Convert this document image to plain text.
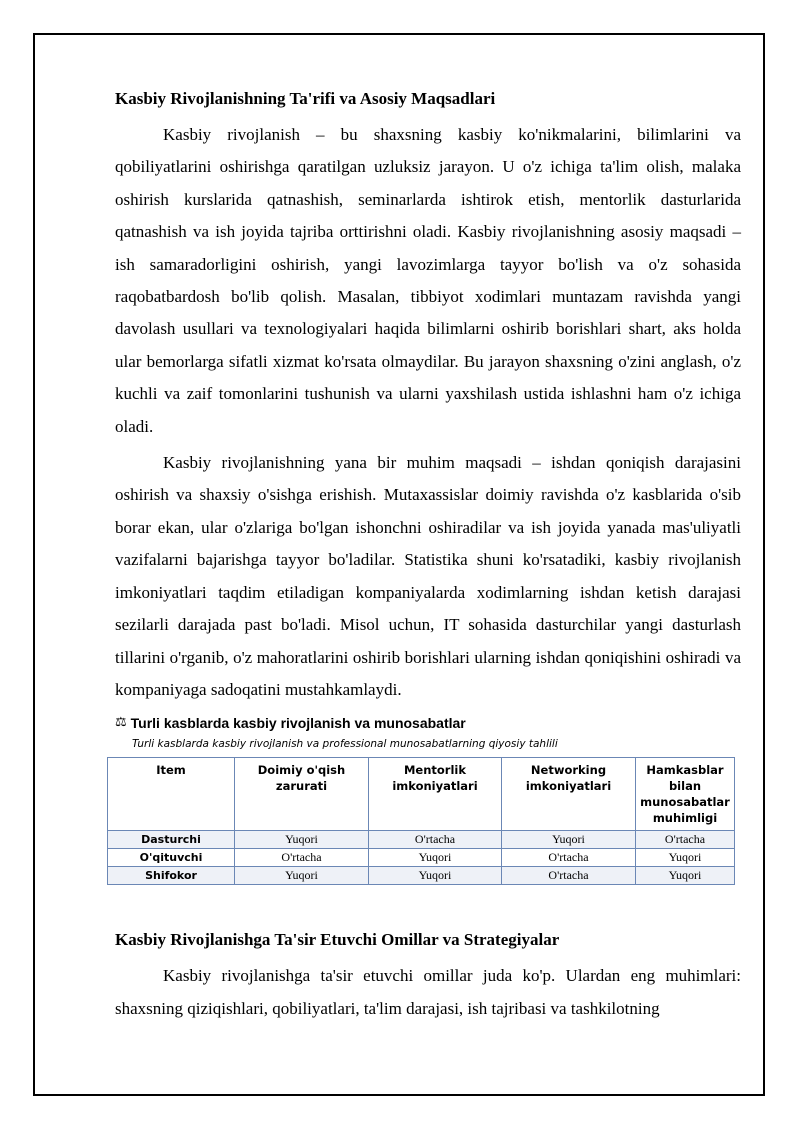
Kasbiy Rivojlanishning Ta'rifi va Asosiy Maqsadlari

Kasbiy rivojlanish – bu shaxsning kasbiy ko'nikmalarini, bilimlarini va qobiliyatlarini oshirishga qaratilgan uzluksiz jarayon. U o'z ichiga ta'lim olish, malaka oshirish kurslarida qatnashish, seminarlarda ishtirok etish, mentorlik dasturlarida qatnashish va ish joyida tajriba orttirishni oladi. Kasbiy rivojlanishning asosiy maqsadi – ish samaradorligini oshirish, yangi lavozimlarga tayyor bo'lish va o'z sohasida raqobatbardosh bo'lib qolish. Masalan, tibbiyot xodimlari muntazam ravishda yangi davolash usullari va texnologiyalari haqida bilimlarni oshirib borishlari shart, aks holda ular bemorlarga sifatli xizmat ko'rsata olmaydilar. Bu jarayon shaxsning o'zini anglash, o'z kuchli va zaif tomonlarini tushunish va ularni yaxshilash ustida ishlashni ham o'z ichiga oladi.

Kasbiy rivojlanishning yana bir muhim maqsadi – ishdan qoniqish darajasini oshirish va shaxsiy o'sishga erishish. Mutaxassislar doimiy ravishda o'z kasblarida o'sib borar ekan, ular o'zlariga bo'lgan ishonchni oshiradilar va ish joyida yanada mas'uliyatli vazifalarni bajarishga tayyor bo'ladilar. Statistika shuni ko'rsatadiki, kasbiy rivojlanish imkoniyatlari taqdim etiladigan kompaniyalarda xodimlarning ishdan ketish darajasi sezilarli darajada past bo'ladi. Misol uchun, IT sohasida dasturchilar yangi dasturlash tillarini o'rganib, o'z mahoratlarini oshirib borishlari ularning ishdan qoniqishini oshiradi va kompaniyaga sadoqatini mustahkamlaydi.

⚖ Turli kasblarda kasbiy rivojlanish va munosabatlar
Turli kasblarda kasbiy rivojlanish va professional munosabatlarning qiyosiy tahlili
Item	Doimiy o'qish zarurati	Mentorlik imkoniyatlari	Networking imkoniyatlari	Hamkasblar bilan munosabatlar muhimligi
Dasturchi	Yuqori	O'rtacha	Yuqori	O'rtacha
O'qituvchi	O'rtacha	Yuqori	O'rtacha	Yuqori
Shifokor	Yuqori	Yuqori	O'rtacha	Yuqori
Kasbiy Rivojlanishga Ta'sir Etuvchi Omillar va Strategiyalar

Kasbiy rivojlanishga ta'sir etuvchi omillar juda ko'p. Ulardan eng muhimlari: shaxsning qiziqishlari, qobiliyatlari, ta'lim darajasi, ish tajribasi va tashkilotning
